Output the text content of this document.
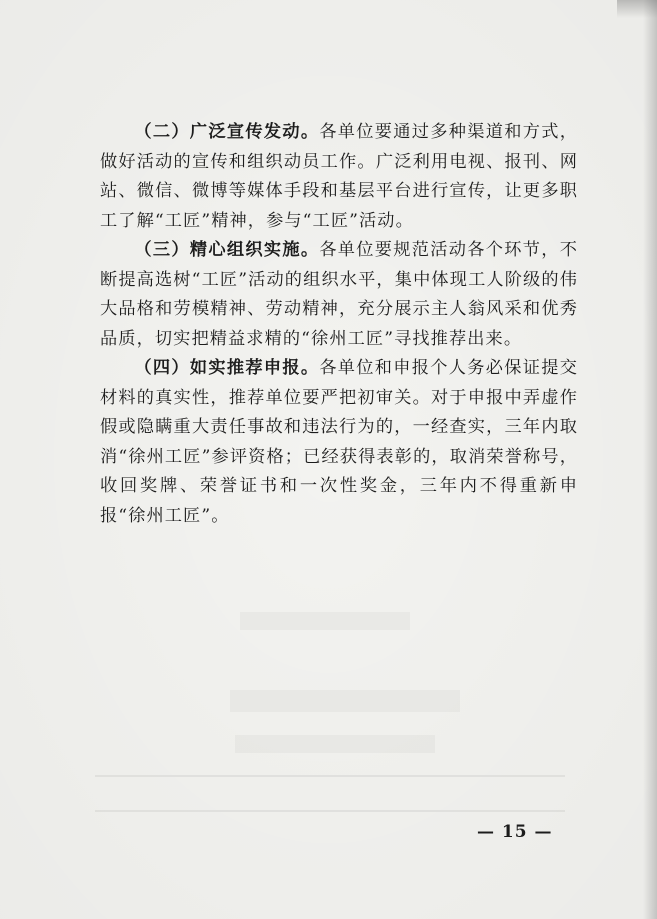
（二）广泛宣传发动。各单位要通过多种渠道和方式，做好活动的宣传和组织动员工作。广泛利用电视、报刊、网站、微信、微博等媒体手段和基层平台进行宣传，让更多职工了解“工匠”精神，参与“工匠”活动。

（三）精心组织实施。各单位要规范活动各个环节，不断提高选树“工匠”活动的组织水平，集中体现工人阶级的伟大品格和劳模精神、劳动精神，充分展示主人翁风采和优秀品质，切实把精益求精的“徐州工匠”寻找推荐出来。

（四）如实推荐申报。各单位和申报个人务必保证提交材料的真实性，推荐单位要严把初审关。对于申报中弄虚作假或隐瞒重大责任事故和违法行为的，一经查实，三年内取消“徐州工匠”参评资格；已经获得表彰的，取消荣誉称号，收回奖牌、荣誉证书和一次性奖金，三年内不得重新申报“徐州工匠”。

— 15 —
